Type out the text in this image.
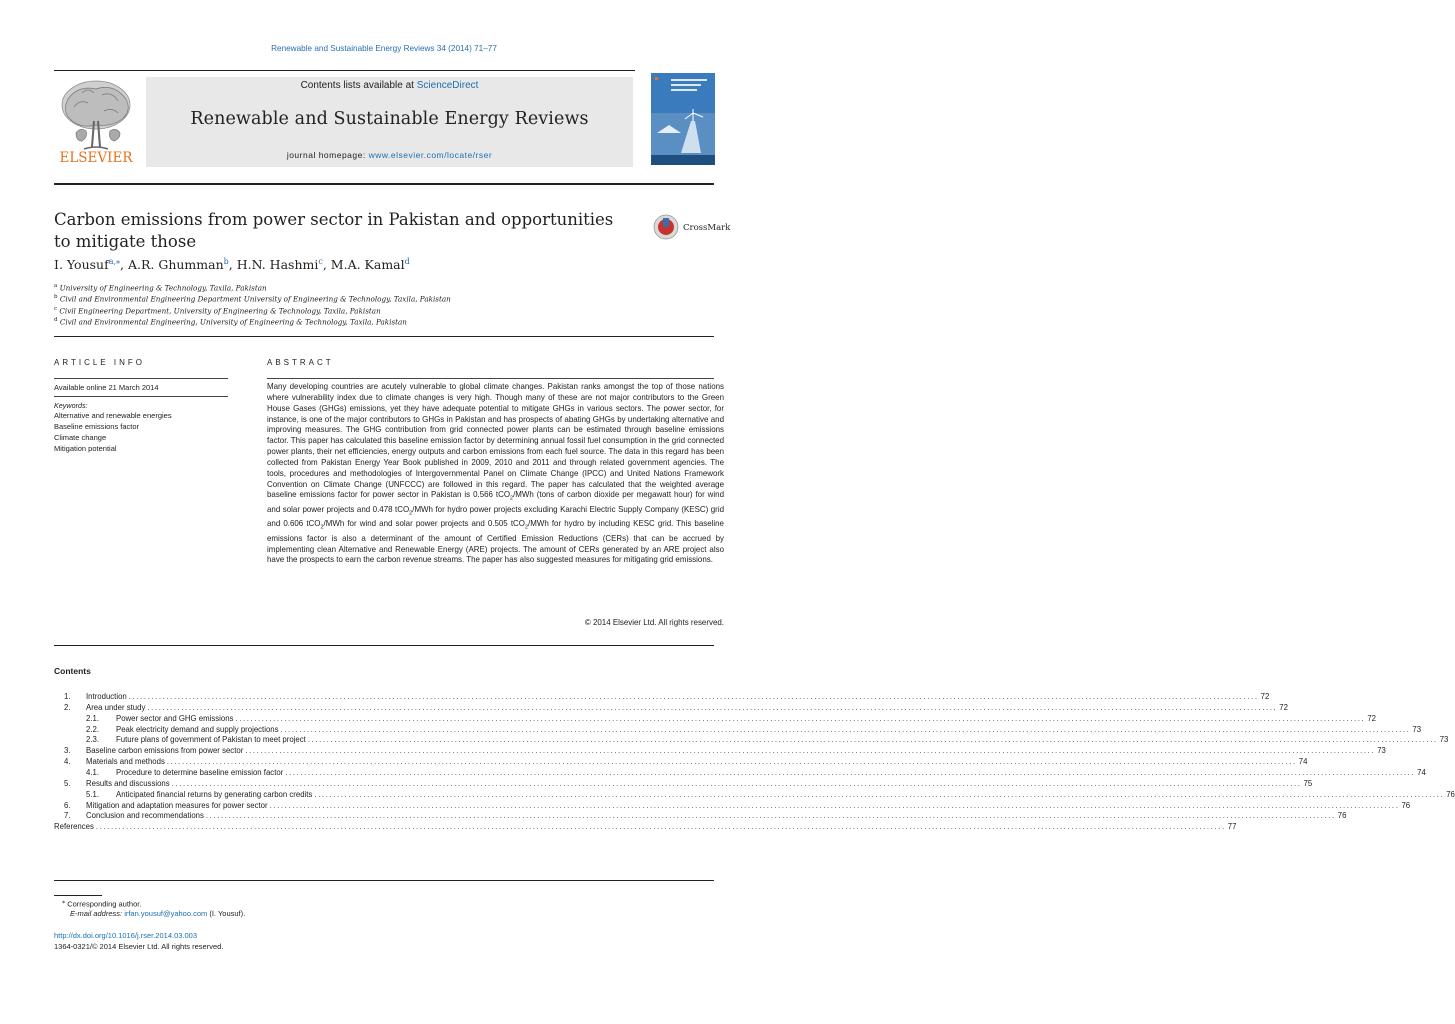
Renewable and Sustainable Energy Reviews 34 (2014) 71–77
ELSEVIER
Contents lists available at ScienceDirect
Renewable and Sustainable Energy Reviews
journal homepage: www.elsevier.com/locate/rser
Carbon emissions from power sector in Pakistan and opportunities
to mitigate those
CrossMark
I. Yousuf$^{a,⁎}$, A.R. Ghumman$^b$, H.N. Hashmi$^c$, M.A. Kamal$^d$
$^a$ University of Engineering & Technology, Taxila, Pakistan
$^b$ Civil and Environmental Engineering Department University of Engineering & Technology, Taxila, Pakistan
$^c$ Civil Engineering Department, University of Engineering & Technology, Taxila, Pakistan
$^d$ Civil and Environmental Engineering, University of Engineering & Technology, Taxila, Pakistan
ARTICLE INFO
Available online 21 March 2014
Keywords:
Alternative and renewable energies
Baseline emissions factor
Climate change
Mitigation potential
ABSTRACT
Many developing countries are acutely vulnerable to global climate changes. Pakistan ranks amongst the top of those nations where vulnerability index due to climate changes is very high. Though many of these are not major contributors to the Green House Gases (GHGs) emissions, yet they have adequate potential to mitigate GHGs in various sectors. The power sector, for instance, is one of the major contributors to GHGs in Pakistan and has prospects of abating GHGs by undertaking alternative and improving measures. The GHG contribution from grid connected power plants can be estimated through baseline emissions factor. This paper has calculated this baseline emission factor by determining annual fossil fuel consumption in the grid connected power plants, their net efficiencies, energy outputs and carbon emissions from each fuel source. The data in this regard has been collected from Pakistan Energy Year Book published in 2009, 2010 and 2011 and through related government agencies. The tools, procedures and methodologies of Intergovernmental Panel on Climate Change (IPCC) and United Nations Framework Convention on Climate Change (UNFCCC) are followed in this regard. The paper has calculated that the weighted average baseline emissions factor for power sector in Pakistan is 0.566 tCO$_2$/MWh (tons of carbon dioxide per megawatt hour) for wind and solar power projects and 0.478 tCO$_2$/MWh for hydro power projects excluding Karachi Electric Supply Company (KESC) grid and 0.606 tCO$_2$/MWh for wind and solar power projects and 0.505 tCO$_2$/MWh for hydro by including KESC grid. This baseline emissions factor is also a determinant of the amount of Certified Emission Reductions (CERs) that can be accrued by implementing clean Alternative and Renewable Energy (ARE) projects. The amount of CERs generated by an ARE project also have the prospects to earn the carbon revenue streams. The paper has also suggested measures for mitigating grid emissions.
© 2014 Elsevier Ltd. All rights reserved.
Contents
1.	Introduction ............................................................................................................................................................................................................................................................................................................ 72
2.	Area under study ............................................................................................................................................................................................................................................................................................................ 72
2.1.	Power sector and GHG emissions ............................................................................................................................................................................................................................................................................................................ 72
2.2.	Peak electricity demand and supply projections ............................................................................................................................................................................................................................................................................................................ 73
2.3.	Future plans of government of Pakistan to meet project ............................................................................................................................................................................................................................................................................................................ 73
3.	Baseline carbon emissions from power sector ............................................................................................................................................................................................................................................................................................................ 73
4.	Materials and methods ............................................................................................................................................................................................................................................................................................................ 74
4.1.	Procedure to determine baseline emission factor ............................................................................................................................................................................................................................................................................................................ 74
5.	Results and discussions ............................................................................................................................................................................................................................................................................................................ 75
5.1.	Anticipated financial returns by generating carbon credits ............................................................................................................................................................................................................................................................................................................ 76
6.	Mitigation and adaptation measures for power sector ............................................................................................................................................................................................................................................................................................................ 76
7.	Conclusion and recommendations ............................................................................................................................................................................................................................................................................................................ 76
References ............................................................................................................................................................................................................................................................................................................ 77
⁎ Corresponding author.
E-mail address: irfan.yousuf@yahoo.com (I. Yousuf).
http://dx.doi.org/10.1016/j.rser.2014.03.003
1364-0321/© 2014 Elsevier Ltd. All rights reserved.
